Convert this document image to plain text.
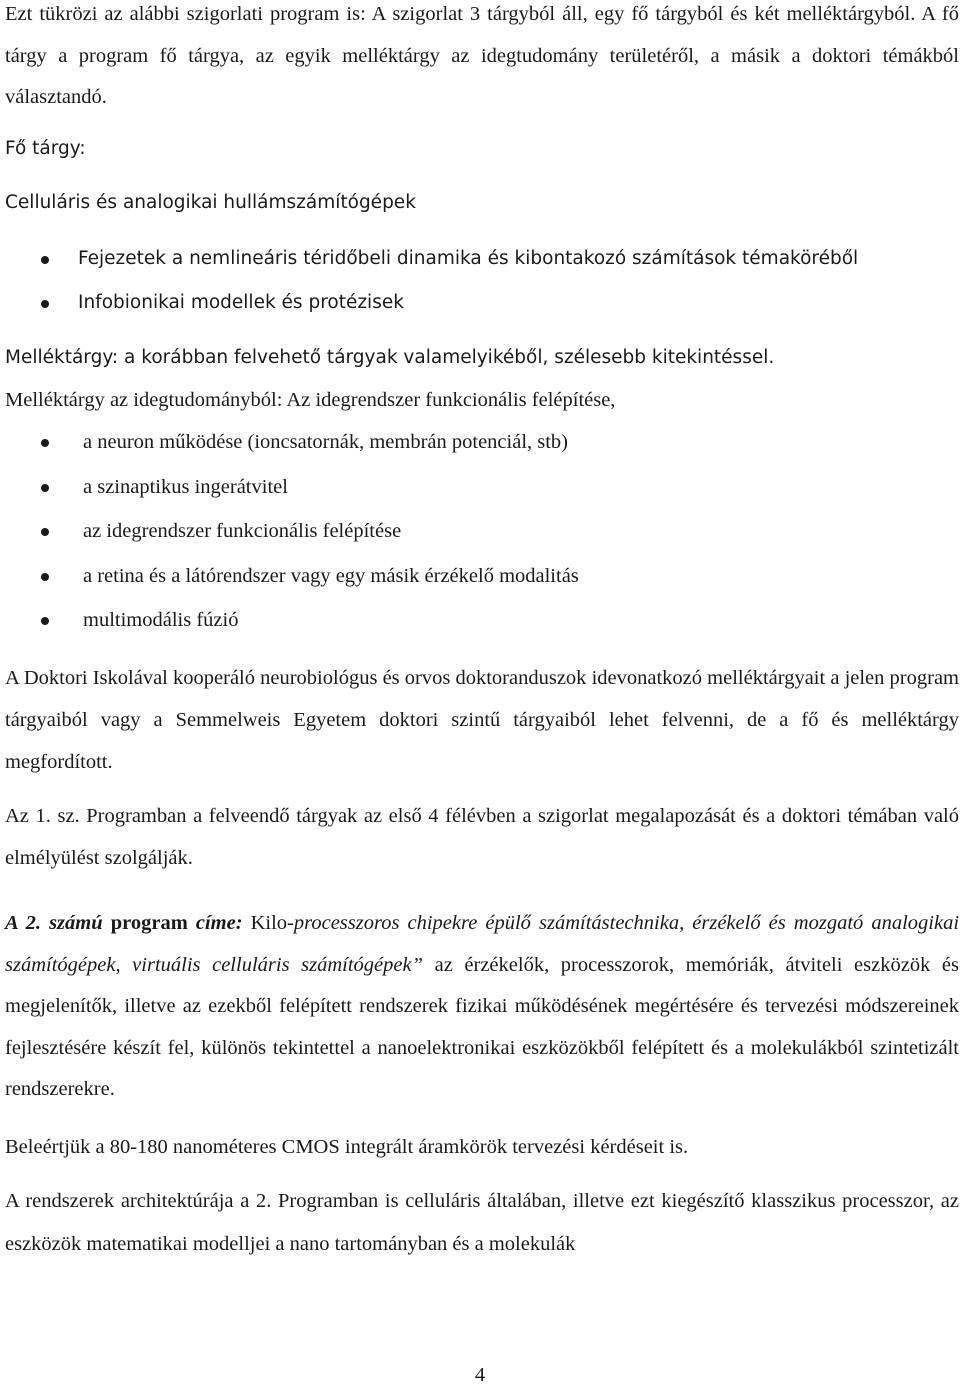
Ezt tükrözi az alábbi szigorlati program is: A szigorlat 3 tárgyból áll, egy fő tárgyból és két melléktárgyból. A fő tárgy a program fő tárgya, az egyik melléktárgy az idegtudomány területéről, a másik a doktori témákból választandó.

Fő tárgy:

Celluláris és analogikai hullámszámítógépek

Fejezetek a nemlineáris téridőbeli dinamika és kibontakozó számítások témaköréből
Infobionikai modellek és protézisek

Melléktárgy: a korábban felvehető tárgyak valamelyikéből, szélesebb kitekintéssel.

Melléktárgy az idegtudományból: Az idegrendszer funkcionális felépítése,

a neuron működése (ioncsatornák, membrán potenciál, stb)
a szinaptikus ingerátvitel
az idegrendszer funkcionális felépítése
a retina és a látórendszer vagy egy másik érzékelő modalitás
multimodális fúzió

A Doktori Iskolával kooperáló neurobiológus és orvos doktoranduszok idevonatkozó melléktárgyait a jelen program tárgyaiból vagy a Semmelweis Egyetem doktori szintű tárgyaiból lehet felvenni, de a fő és melléktárgy megfordított.

Az 1. sz. Programban a felveendő tárgyak az első 4 félévben a szigorlat megalapozását és a doktori témában való elmélyülést szolgálják.

A 2. számú program címe: Kilo-processzoros chipekre épülő számítástechnika, érzékelő és mozgató analogikai számítógépek, virtuális celluláris számítógépek” az érzékelők, processzorok, memóriák, átviteli eszközök és megjelenítők, illetve az ezekből felépített rendszerek fizikai működésének megértésére és tervezési módszereinek fejlesztésére készít fel, különös tekintettel a nanoelektronikai eszközökből felépített és a molekulákból szintetizált rendszerekre.

Beleértjük a 80-180 nanométeres CMOS integrált áramkörök tervezési kérdéseit is.

A rendszerek architektúrája a 2. Programban is celluláris általában, illetve ezt kiegészítő klasszikus processzor, az eszközök matematikai modelljei a nano tartományban és a molekulák

4
